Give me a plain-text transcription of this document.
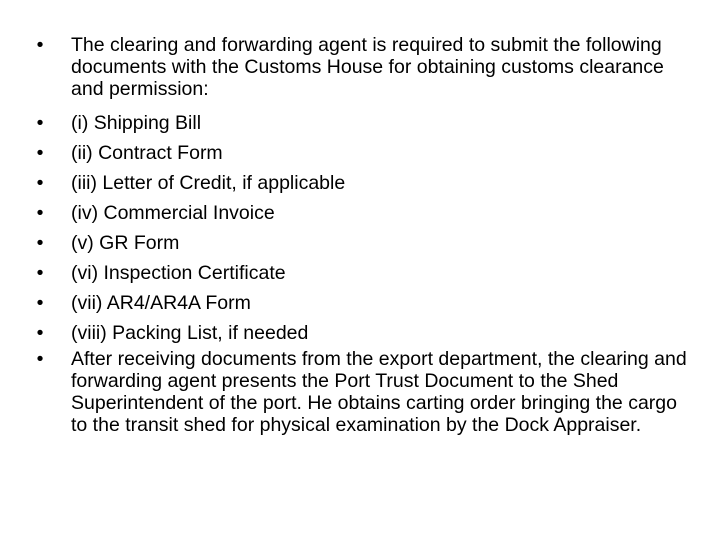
•	The clearing and forwarding agent is required to submit the following documents with the Customs House for obtaining customs clearance and permission:
•	(i) Shipping Bill
•	(ii) Contract Form
•	(iii) Letter of Credit, if applicable
•	(iv) Commercial Invoice
•	(v) GR Form
•	(vi) Inspection Certificate
•	(vii) AR4/AR4A Form
•	(viii) Packing List, if needed
•	After receiving documents from the export department, the clearing and forwarding agent presents the Port Trust Document to the Shed Superintendent of the port. He obtains carting order bringing the cargo to the transit shed for physical examination by the Dock Appraiser.
